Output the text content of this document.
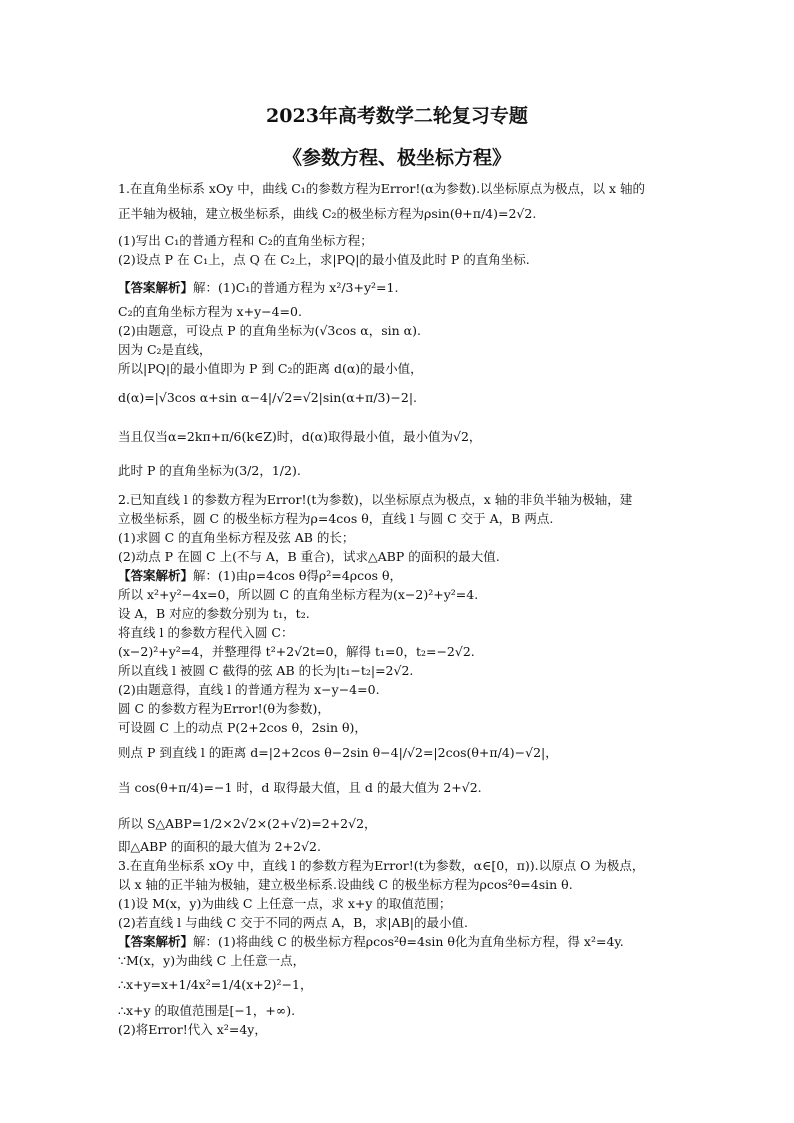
2023年高考数学二轮复习专题
《参数方程、极坐标方程》
1.在直角坐标系 xOy 中，曲线 C₁的参数方程为Error!(α为参数).以坐标原点为极点，以 x 轴的
正半轴为极轴，建立极坐标系，曲线 C₂的极坐标方程为ρsin(θ+π/4)=2√2.
(1)写出 C₁的普通方程和 C₂的直角坐标方程；
(2)设点 P 在 C₁上，点 Q 在 C₂上，求|PQ|的最小值及此时 P 的直角坐标.
【答案解析】解：(1)C₁的普通方程为 x²/3+y²=1.
C₂的直角坐标方程为 x+y−4=0.
(2)由题意，可设点 P 的直角坐标为(√3cos α，sin α).
因为 C₂是直线，
所以|PQ|的最小值即为 P 到 C₂的距离 d(α)的最小值，
d(α)=|√3cos α+sin α−4|/√2=√2|sin(α+π/3)−2|.
当且仅当α=2kπ+π/6(k∈Z)时，d(α)取得最小值，最小值为√2，
此时 P 的直角坐标为(3/2，1/2).
2.已知直线 l 的参数方程为Error!(t为参数)，以坐标原点为极点，x 轴的非负半轴为极轴，建
立极坐标系，圆 C 的极坐标方程为ρ=4cos θ，直线 l 与圆 C 交于 A，B 两点.
(1)求圆 C 的直角坐标方程及弦 AB 的长；
(2)动点 P 在圆 C 上(不与 A，B 重合)，试求△ABP 的面积的最大值.
【答案解析】解：(1)由ρ=4cos θ得ρ²=4ρcos θ，
所以 x²+y²−4x=0，所以圆 C 的直角坐标方程为(x−2)²+y²=4.
设 A，B 对应的参数分别为 t₁，t₂.
将直线 l 的参数方程代入圆 C：
(x−2)²+y²=4，并整理得 t²+2√2t=0，解得 t₁=0，t₂=−2√2.
所以直线 l 被圆 C 截得的弦 AB 的长为|t₁−t₂|=2√2.
(2)由题意得，直线 l 的普通方程为 x−y−4=0.
圆 C 的参数方程为Error!(θ为参数)，
可设圆 C 上的动点 P(2+2cos θ，2sin θ)，
则点 P 到直线 l 的距离 d=|2+2cos θ−2sin θ−4|/√2=|2cos(θ+π/4)−√2|，
当 cos(θ+π/4)=−1 时，d 取得最大值，且 d 的最大值为 2+√2.
所以 S△ABP=1/2×2√2×(2+√2)=2+2√2，
即△ABP 的面积的最大值为 2+2√2.
3.在直角坐标系 xOy 中，直线 l 的参数方程为Error!(t为参数，α∈[0，π)).以原点 O 为极点，
以 x 轴的正半轴为极轴，建立极坐标系.设曲线 C 的极坐标方程为ρcos²θ=4sin θ.
(1)设 M(x，y)为曲线 C 上任意一点，求 x+y 的取值范围；
(2)若直线 l 与曲线 C 交于不同的两点 A，B，求|AB|的最小值.
【答案解析】解：(1)将曲线 C 的极坐标方程ρcos²θ=4sin θ化为直角坐标方程，得 x²=4y.
∵M(x，y)为曲线 C 上任意一点，
∴x+y=x+1/4x²=1/4(x+2)²−1，
∴x+y 的取值范围是[−1，+∞).
(2)将Error!代入 x²=4y，
